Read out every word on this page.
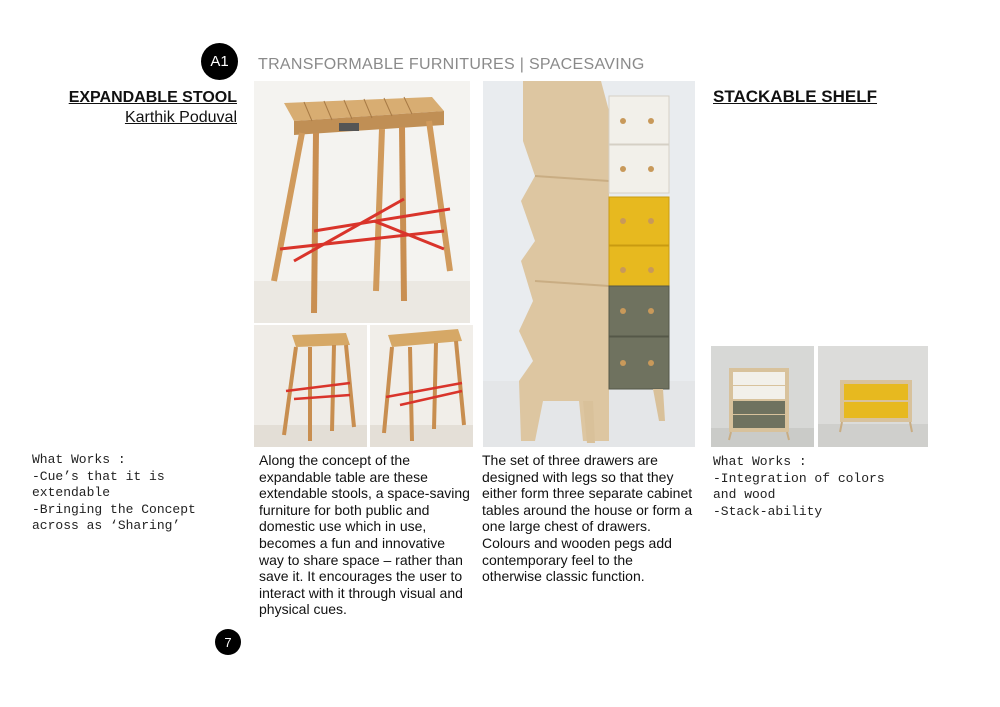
A1 TRANSFORMABLE FURNITURES | SPACESAVING
EXPANDABLE STOOL
Karthik Poduval
STACKABLE SHELF
What Works :
-Cue’s that it is
extendable
-Bringing the Concept
across as ‘Sharing’
Along the concept of the expandable table are these extendable stools, a space-saving furniture for both public and domestic use which in use, becomes a fun and innovative way to share space – rather than save it. It encourages the user to interact with it through visual and physical cues.
The set of three drawers are designed with legs so that they either form three separate cabinet tables around the house or form a one large chest of drawers. Colours and wooden pegs add contemporary feel to the otherwise classic function.
What Works :
-Integration of colors
and wood
-Stack-ability
7
